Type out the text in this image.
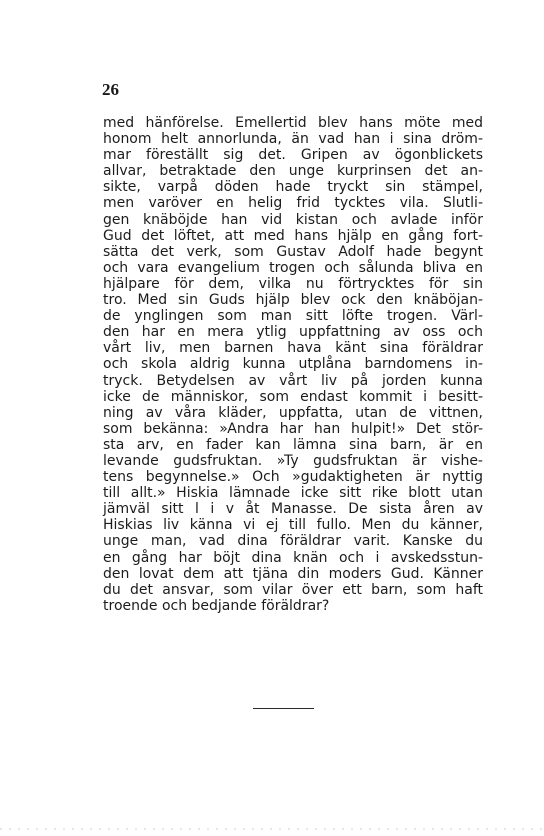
26
med hänförelse. Emellertid blev hans möte med
honom helt annorlunda, än vad han i sina dröm-
mar föreställt sig det. Gripen av ögonblickets
allvar, betraktade den unge kurprinsen det an-
sikte, varpå döden hade tryckt sin stämpel,
men varöver en helig frid tycktes vila. Slutli-
gen knäböjde han vid kistan och avlade inför
Gud det löftet, att med hans hjälp en gång fort-
sätta det verk, som Gustav Adolf hade begynt
och vara evangelium trogen och sålunda bliva en
hjälpare för dem, vilka nu förtrycktes för sin
tro. Med sin Guds hjälp blev ock den knäböjan-
de ynglingen som man sitt löfte trogen. Värl-
den har en mera ytlig uppfattning av oss och
vårt liv, men barnen hava känt sina föräldrar
och skola aldrig kunna utplåna barndomens in-
tryck. Betydelsen av vårt liv på jorden kunna
icke de människor, som endast kommit i besitt-
ning av våra kläder, uppfatta, utan de vittnen,
som bekänna: »Andra har han hulpit!» Det stör-
sta arv, en fader kan lämna sina barn, är en
levande gudsfruktan. »Ty gudsfruktan är vishe-
tens begynnelse.» Och »gudaktigheten är nyttig
till allt.» Hiskia lämnade icke sitt rike blott utan
jämväl sitt l i v åt Manasse. De sista åren av
Hiskias liv känna vi ej till fullo. Men du känner,
unge man, vad dina föräldrar varit. Kanske du
en gång har böjt dina knän och i avskedsstun-
den lovat dem att tjäna din moders Gud. Känner
du det ansvar, som vilar över ett barn, som haft
troende och bedjande föräldrar?
